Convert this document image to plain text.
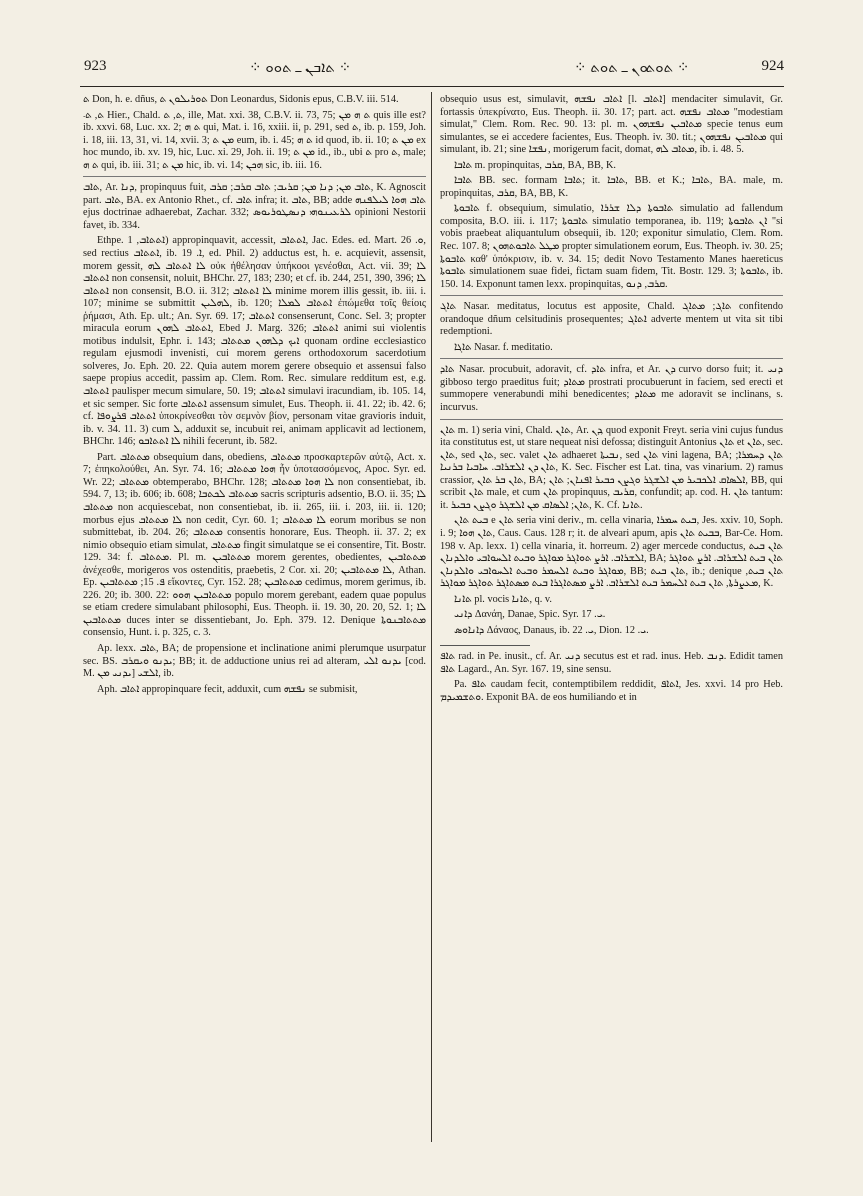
923	⁘ ܬܐܒܢ ـ ܬܘܘ ⁘	⁘ ܬܘܬܘܢ ـ ܬܘܬ ⁘	924

ܬ Don, h. e. dñus, ܬܘܪܝܠܘܢ ܬ Don Leonardus, Sidonis epus, C.B.V. iii. 514.

ܬ, ܬ܁ Hier., Chald. ܬ, ܬ, ille, Mat. xxi. 38, C.B.V. ii. 73, 75; ܬ ܗ ܡܢ quis ille est? ib. xxvi. 68, Luc. xx. 2; ܬ ܗ qui, Mat. i. 16, xxiii. ii, p. 291, sed ܬ, ib. p. 159, Joh. i. 18, iii. 13, 31, vi. 14, xvii. 3; ܡܢ ܬ eum, ib. i. 45; ܬ ܗ id quod, ib. ii. 10; ܡܢ ܬ ex hoc mundo, ib. xv. 19, hic, Luc. xi. 29, Joh. ii. 19; ܡܢ ܬ id., ib., ubi ܬ pro ܬ, male; ܬ ܗ qui, ib. iii. 31; ܡܢ ܬ hic, ib. vi. 14; ܗܟܢ sic, ib. iii. 16.

ܬܐܒ, Ar. ܕܢܐ, propinquus fuit, ܬܐܒ ܡܢ; ܕܢܐ ܡܢ; ܩܪܝܒ; ܬܐܒ ܩܪܒ; ܩܪܒ, K. Agnoscit part. ܬܐܒ, BA. ex Antonio Rhet., cf. ܬܐܒ infra; it. ܬܐܒ, BB; adde ܬܐܒ ܗܘܐ ܠܝܠܦܢܗ ejus doctrinae adhaerebat, Zachar. 332; ܠܪܥܝܢܘܗܝ ܕܢܣܛܘܪܝܘܣ opinioni Nestorii favet, ib. 334.

Ethpe. ܐܬܬܐܒ, 1) appropinquavit, accessit, ܐܬܬܐܒ, Jac. Edes. ed. Mart. ܘ. 26, sed rectius ܐܬܬܐܒ, ib. ܐ. 19, ed. Phil. 2) adductus est, h. e. acquievit, assensit, morem gessit, ܠܐ ܐܬܬܐܒ ܠܗ οὐκ ἠθέλησαν ὑπήκοοι γενέσθαι, Act. vii. 39; ܠܐ ܐܬܬܐܒ non consensit, noluit, BHChr. 27, 183; 230; et cf. ib. 244, 251, 390, 396; ܠܐ ܐܬܬܐܒ non consensit, B.O. ii. 312; ܠܐ ܐܬܬܐܒ minime morem illis gessit, ib. iii. i. 107; minime se submittit ܠܗܠܝܢ, ib. 120; ܐܬܬܐܒ ܠܡܠܐ ἐπώμεθα τοῖς θείοις ῥήμασι, Ath. Ep. ult.; An. Syr. 69. 17; ܐܬܬܐܒ consenserunt, Conc. Sel. 3; propter miracula eorum ܐܬܬܐܒ ܠܗܘܢ, Ebed J. Marg. 326; ܐܬܬܐܒ animi sui violentis motibus indulsit, Ephr. i. 143; ܐܝܟ ܕܠܗܘܢ ܡܬܬܐܒ quonam ordine ecclesiastico regulam ejusmodi invenisti, cui morem gerens orthodoxorum sacerdotium solveres, Jo. Eph. 20. 22. Quia autem morem gerere obsequio et assensui falso saepe propius accedit, passim ap. Clem. Rom. Rec. simulare redditum est, e.g. ܐܬܬܐܒ paulisper mecum simulare, 50. 19; ܐܬܬܐܒ simulavi iracundiam, ib. 105. 14, et sic semper. Sic forte ܐܬܬܐܒ assensum simulet, Eus. Theoph. ii. 41. 22; ib. 42. 6; cf. ܐܬܬܐܒ ܦܪܨܘܦܐ ὑποκρίνεσθαι τὸν σεμνὸν βίον, personam vitae gravioris induit, ib. v. 34. 11. 3) cum ܠ, adduxit se, incubuit rei, animam applicavit ad lectionem, BHChr. 146; ܠܐ ܐܬܬܐܒܘ nihili fecerunt, ib. 582.

Part. ܡܬܬܐܒ obsequium dans, obediens, ܡܬܬܐܒ προσκαρτερῶν αὐτῷ, Act. x. 7; ἐπηκολούθει, An. Syr. 74. 16; ܗܘܐ ܡܬܬܐܒ ἦν ὑποτασσόμενος, Apoc. Syr. ed. Wr. 22; ܡܬܬܐܒ obtemperabo, BHChr. 128; ܠܐ ܗܘܐ ܡܬܬܐܒ non consentiebat, ib. 594. 7, 13; ib. 606; ib. 608; ܡܬܬܐܒ ܠܟܬܒܐ sacris scripturis adsentio, B.O. ii. 35; ܠܐ ܡܬܬܐܒ non acquiescebat, non consentiebat, ib. ii. 265, iii. i. 203, iii. ii. 120; morbus ejus ܠܐ ܡܬܬܐܒ non cedit, Cyr. 60. 1; ܠܐ ܡܬܬܐܒ eorum moribus se non submittebat, ib. 204. 26; ܡܬܬܐܒ consentis honorare, Eus. Theoph. ii. 37. 2; ex nimio obsequio etiam simulat, ܡܬܬܐܒ fingit simulatque se ei consentire, Tit. Bostr. 129. 34: f. ܡܬܬܐܒ. Pl. m. ܡܬܬܐܒܝܢ morem gerentes, obedientes, ܡܬܬܐܒܝܢ ἀνέχεσθε, morigeros vos ostenditis, praebetis, 2 Cor. xi. 20; ܠܐ ܡܬܬܐܒܝܢ, Athan. Ep. ܦ. 15; ܡܬܬܐܒܝܢ εἴκοντες, Cyr. 152. 28; ܡܬܬܐܒܝܢ cedimus, morem gerimus, ib. 226. 20; ib. 300. 22: ܡܬܬܐܒܝܢ ܗܘܘ populo morem gerebant, eadem quae populus se etiam credere simulabant philosophi, Eus. Theoph. ii. 19. 30, 20. 20, 52. 1; ܠܐ ܡܬܬܐܒܝܢ duces inter se dissentiebant, Jo. Eph. 379. 12. Denique ܡܬܬܐܒܢܘܬܐ consensio, Hunt. i. p. 325, c. 3.

Ap. lexx. ܬܐܒ, BA; de propensione et inclinatione animi plerumque usurpatur sec. BS. ܝܕܢܘ ܘܝܩܪܒ; BB; it. de adductione unius rei ad alteram, ܝܕܢܘ ܐܠܝ [cod. M. ܝܕܢܝ ܡܢ] ܐܠܫܝ, ib.

Aph. ܐܬܐܒ appropinquare fecit, adduxit, cum ܢܦܫܗ se submisit,

obsequio usus est, simulavit, ܐܬܐܒ ܢܦܫܗ [l. ܐܬܐܒ] mendaciter simulavit, Gr. fortassis ὑπεκρίνατο, Eus. Theoph. ii. 30. 17; part. act. ܡܬܐܒ ܢܦܫܗ "modestiam simulat," Clem. Rom. Rec. 90. 13: pl. m. ܡܬܐܒܝܢ ܢܦܫܗܘܢ specie tenus eum simulantes, se ei accedere facientes, Eus. Theoph. iv. 30. tit.; ܡܬܐܒܝܢ ܢܦܫܗܘܢ qui simulant, ib. 21; sine ܢܦܫܐ, morigerum facit, domat, ܡܬܐܒ ܠܗ, ib. i. 48. 5.

ܬܐܒܐ m. propinquitas, ܩܪܒ, BA, BB, K.

ܬܐܒܐ BB. sec. formam ܬܐܒܐ; it. ܬܐܒܐ, BB. et K.; ܬܐܒܐ, BA. male, m. propinquitas, ܩܪܒ, BA, BB, K.

ܬܐܒܘܬܐ f. obsequium, simulatio, ܬܐܒܘܬܐ ܕܠܐ ܫܪܪܐ simulatio ad fallendum composita, B.O. iii. i. 117; ܬܐܒܘܬܐ simulatio temporanea, ib. 119; ܐܢ ܬܐܒܘܬܐ "si vobis praebeat aliquantulum obsequii, ib. 120; exponitur simulatio, Clem. Rom. Rec. 107. 8; ܡܛܠ ܬܐܒܘܬܗܘܢ propter simulationem eorum, Eus. Theoph. iv. 30. 25; ܬܐܒܘܬܐ καθ' ὑπόκρισιν, ib. v. 34. 15; dedit Novo Testamento Manes haereticus ܬܐܒܘܬܐ simulationem suae fidei, fictam suam fidem, Tit. Bostr. 129. 3; ܬܐܒܘܬܐ, ib. 150. 14. Exponunt tamen lexx. propinquitas, ܩܪܒ, ܕܢܘ.

ܬܐܓ Nasar. meditatus, locutus est apposite, Chald. ܬܐܓ; ܡܬܐܓ confitendo orandoque dñum celsitudinis prosequentes; ܐܬܐܓ adverte mentem ut vita sit tibi redemptioni.

ܬܐܓܐ Nasar. f. meditatio.

ܬܐܕ Nasar. procubuit, adoravit, cf. ܬܐܕ infra, et Ar. ܕܢ curvo dorso fuit; it. ܕܢܝ gibboso tergo praeditus fuit; ܡܬܐܕ prostrati procubuerunt in faciem, sed erecti et summopere venerabundi mihi benedicentes; ܡܬܐܕ me adoravit se inclinans, s. incurvus.

ܬܐܢ m. 1) seria vini, Chald. ܬܐܢ, Ar. ܕܢ, quod exponit Freyt. seria vini cujus fundus ita constitutus est, ut stare nequeat nisi defossa; distinguit Antonius ܬܐܢ et ܬܐܢ, sec. ܬܐܢ, sed ܬܐܢ, sec. valet ܬܐܢ adhaeret ܢܒܝܬܐ, sed ܬܐܢ vini lagena, BA; ܬܐܢ ܕܚܡܪܐ; ܬܐܢ ܕܢ ܐܠܫܪܐܒ. ܚܐܒܝܐ ܒܪܢܝܐ, K. Sec. Fischer est Lat. tina, vas vinarium. 2) ramus crassior, ܬܐܢ ܒܪ ܬܐܢ, BA; ܐܠܣܐܩ ܐܠܟܒܝܪ ܡܢ ܐܠܫܓܪ ܘܓܨܢ ܟܒܝܪ ܐܦܢܐܢ; ܬܐܢ, BB, qui scribit ܬܐܢ male, et cum ܬܐܢ propinquus, ܩܪܝܒ, confundit; ap. cod. H. ܬܐܢ tantum: it. ܬܐܢ; ܐܠܣܐܩ ܡܢ ܐܠܫܓܪ ܘܓܨܢ ܟܒܝܪ, K. Cf. ܬܐܢܐ.

ܒܝܬ ܬܐܢ e ܬܐܢ seria vini deriv., m. cella vinaria, ܒܝܬ ܚܡܪܐ, Jes. xxiv. 10, Soph. i. 9; ܬܐܢ ܗܘܐ, Caus. Caus. 128 r; it. de alveari apum, apis ܒܒܝܬ ܬܐܢ, Bar-Ce. Hom. 198 v. Ap. lexx. 1) cella vinaria, it. horreum. 2) ager mercede conductus, ܬܐܢ ܒܝܬ ܐܠܫܪܐܒ. ܐܪܨ ܬܘܐܓܪ ܡܘܐܓܪ ܘܒܝܬ ܐܠܚܘܐܒܝ ܘܐܠܕܢܐܢ, BA; ܬܐܢ ܒܝܬ ܐܠܫܪܐܒ. ܐܪܨ ܬܘܐܓܪ ܡܘܐܓܪ ܘܒܝܬ ܐܠܚܡܪ ܘܒܝܬ ܐܠܚܘܐܒܝ ܘܐܠܕܢܐܢ, BB; ܬܐܢ ܒܝܬ, ib.; denique ܬܐܢ ܒܝܬ, ܡܥܨܪܬܐ, ܬܐܢ ܒܝܬ ܐܠܚܡܪ ܒܝܬ ܐܠܫܪܐܒ. ܐܪܨ ܡܣܬܐܓܪܐ ܒܝܬ ܡܣܬܐܓܪ ܬܘܐܓܪ ܡܘܐܓܪ, K.

ܬܐܢܐ pl. vocis ܬܐܢܐ, q. v.

ܕܐܢܝ Δανάη, Danae, Spic. Syr. ܝ. 17.

ܕܐܢܐܘܣ Δάναος, Danaus, ib. ܝ. 22, Dion. ܝ. 12.

ܬܐܦ rad. in Pe. inusit., cf. Ar. ܕܢܝ secutus est et rad. inus. Heb. ܕܢܒ. Edidit tamen ܬܐܦ Lagard., An. Syr. 167. 19, sine sensu.

Pa. ܬܐܦ caudam fecit, contemptibilem reddidit, ܐܬܐܦ, Jes. xxvi. 14 pro Heb. ܘܬܫܡܝܕܡ. Exponit BA. de eos humiliando et in
